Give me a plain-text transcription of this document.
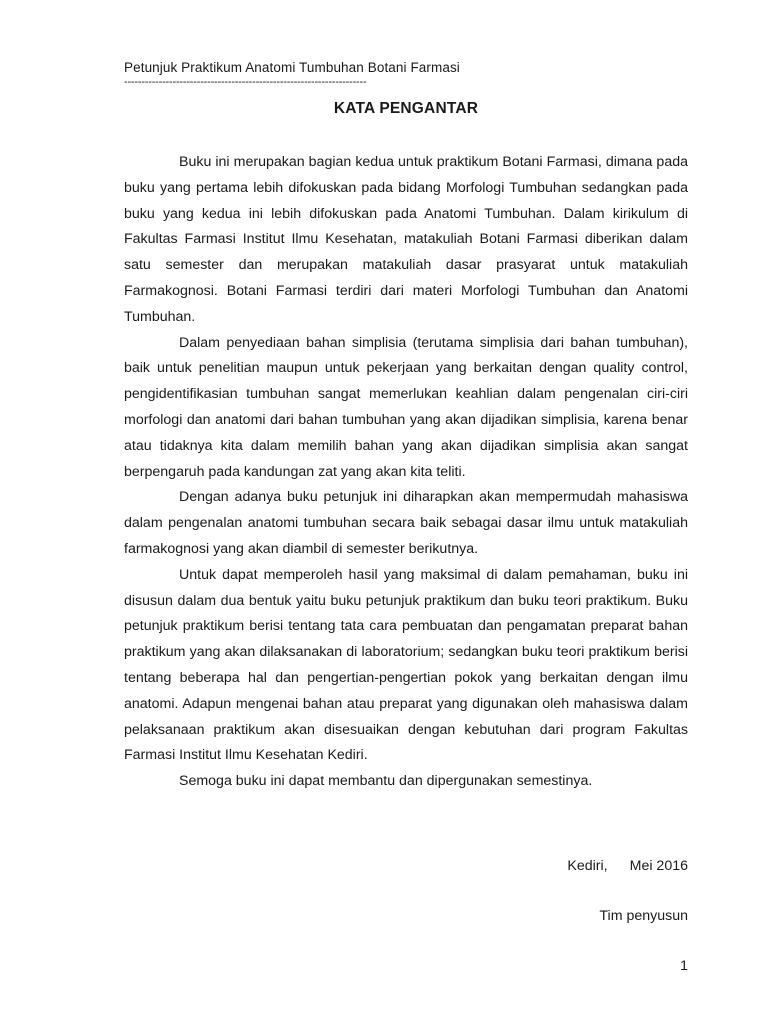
Petunjuk Praktikum Anatomi Tumbuhan Botani Farmasi
----------------------------------------------------------------------
KATA PENGANTAR

Buku ini merupakan bagian kedua untuk praktikum Botani Farmasi, dimana pada buku yang pertama lebih difokuskan pada bidang Morfologi Tumbuhan sedangkan pada buku yang kedua ini lebih difokuskan pada Anatomi Tumbuhan. Dalam kirikulum di Fakultas Farmasi Institut Ilmu Kesehatan, matakuliah Botani Farmasi diberikan dalam satu semester dan merupakan matakuliah dasar prasyarat untuk matakuliah Farmakognosi. Botani Farmasi terdiri dari materi Morfologi Tumbuhan dan Anatomi Tumbuhan.

Dalam penyediaan bahan simplisia (terutama simplisia dari bahan tumbuhan), baik untuk penelitian maupun untuk pekerjaan yang berkaitan dengan quality control, pengidentifikasian tumbuhan sangat memerlukan keahlian dalam pengenalan ciri-ciri morfologi dan anatomi dari bahan tumbuhan yang akan dijadikan simplisia, karena benar atau tidaknya kita dalam memilih bahan yang akan dijadikan simplisia akan sangat berpengaruh pada kandungan zat yang akan kita teliti.

Dengan adanya buku petunjuk ini diharapkan akan mempermudah mahasiswa dalam pengenalan anatomi tumbuhan secara baik sebagai dasar ilmu untuk matakuliah farmakognosi yang akan diambil di semester berikutnya.

Untuk dapat memperoleh hasil yang maksimal di dalam pemahaman, buku ini disusun dalam dua bentuk yaitu buku petunjuk praktikum dan buku teori praktikum. Buku petunjuk praktikum berisi tentang tata cara pembuatan dan pengamatan preparat bahan praktikum yang akan dilaksanakan di laboratorium; sedangkan buku teori praktikum berisi tentang beberapa hal dan pengertian-pengertian pokok yang berkaitan dengan ilmu anatomi. Adapun mengenai bahan atau preparat yang digunakan oleh mahasiswa dalam pelaksanaan praktikum akan disesuaikan dengan kebutuhan dari program Fakultas Farmasi Institut Ilmu Kesehatan Kediri.

Semoga buku ini dapat membantu dan dipergunakan semestinya.

Kediri, Mei 2016
Tim penyusun
1
